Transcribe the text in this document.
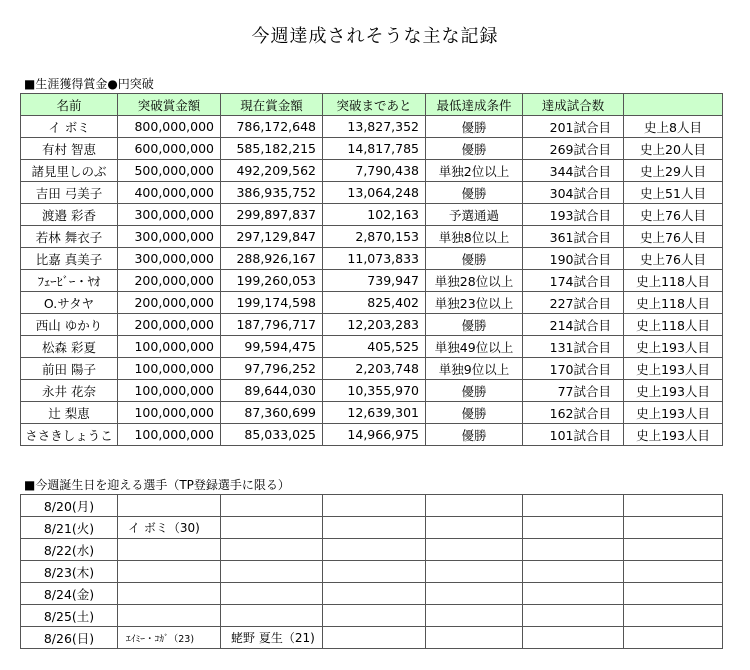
今週達成されそうな主な記録
■生涯獲得賞金●円突破
名前	突破賞金額	現在賞金額	突破まであと	最低達成条件	達成試合数	
イ ボミ	800,000,000	786,172,648	13,827,352	優勝	201試合目	史上8人目
有村 智恵	600,000,000	585,182,215	14,817,785	優勝	269試合目	史上20人目
諸見里しのぶ	500,000,000	492,209,562	7,790,438	単独2位以上	344試合目	史上29人目
吉田 弓美子	400,000,000	386,935,752	13,064,248	優勝	304試合目	史上51人目
渡邉 彩香	300,000,000	299,897,837	102,163	予選通過	193試合目	史上76人目
若林 舞衣子	300,000,000	297,129,847	2,870,153	単独8位以上	361試合目	史上76人目
比嘉 真美子	300,000,000	288,926,167	11,073,833	優勝	190試合目	史上76人目
ﾌｪｰﾋﾞｰ・ﾔｵ	200,000,000	199,260,053	739,947	単独28位以上	174試合目	史上118人目
O.サタヤ	200,000,000	199,174,598	825,402	単独23位以上	227試合目	史上118人目
西山 ゆかり	200,000,000	187,796,717	12,203,283	優勝	214試合目	史上118人目
松森 彩夏	100,000,000	99,594,475	405,525	単独49位以上	131試合目	史上193人目
前田 陽子	100,000,000	97,796,252	2,203,748	単独9位以上	170試合目	史上193人目
永井 花奈	100,000,000	89,644,030	10,355,970	優勝	77試合目	史上193人目
辻 梨恵	100,000,000	87,360,699	12,639,301	優勝	162試合目	史上193人目
ささきしょうこ	100,000,000	85,033,025	14,966,975	優勝	101試合目	史上193人目
■今週誕生日を迎える選手（TP登録選手に限る）
8/20(月)						
8/21(火)	イ ボミ（30)					
8/22(水)						
8/23(木)						
8/24(金)						
8/25(土)						
8/26(日)	ｴｲﾐｰ・ｺｶﾞ（23)	蛯野 夏生（21)				
